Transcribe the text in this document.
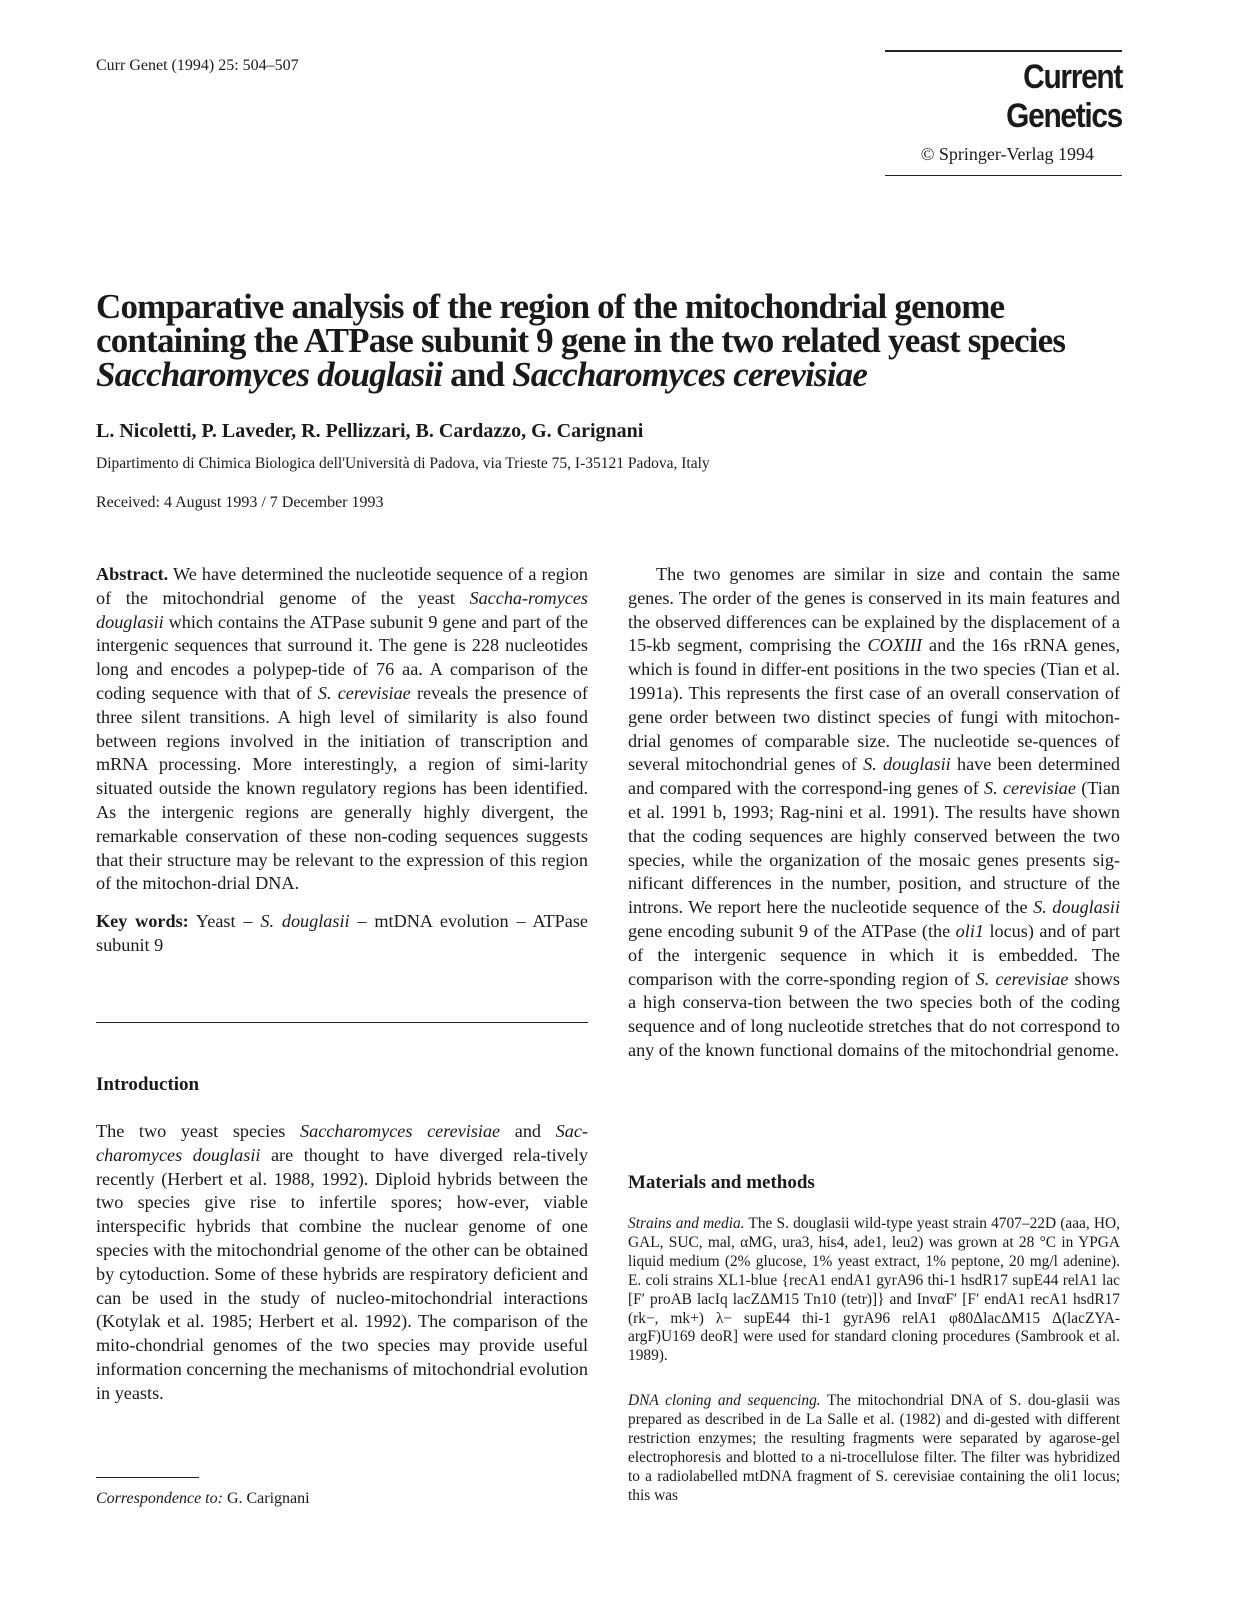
Curr Genet (1994) 25: 504–507	Current Genetics
© Springer-Verlag 1994
Comparative analysis of the region of the mitochondrial genome
containing the ATPase subunit 9 gene in the two related yeast species
Saccharomyces douglasii and Saccharomyces cerevisiae
L. Nicoletti, P. Laveder, R. Pellizzari, B. Cardazzo, G. Carignani
Dipartimento di Chimica Biologica dell'Università di Padova, via Trieste 75, I-35121 Padova, Italy
Received: 4 August 1993 / 7 December 1993

Abstract. We have determined the nucleotide sequence of a region of the mitochondrial genome of the yeast Saccha-romyces douglasii which contains the ATPase subunit 9 gene and part of the intergenic sequences that surround it. The gene is 228 nucleotides long and encodes a polypep-tide of 76 aa. A comparison of the coding sequence with that of S. cerevisiae reveals the presence of three silent transitions. A high level of similarity is also found between regions involved in the initiation of transcription and mRNA processing. More interestingly, a region of simi-larity situated outside the known regulatory regions has been identified. As the intergenic regions are generally highly divergent, the remarkable conservation of these non-coding sequences suggests that their structure may be relevant to the expression of this region of the mitochon-drial DNA.

Key words: Yeast – S. douglasii – mtDNA evolution – ATPase subunit 9

Introduction

The two yeast species Saccharomyces cerevisiae and Sac-charomyces douglasii are thought to have diverged rela-tively recently (Herbert et al. 1988, 1992). Diploid hybrids between the two species give rise to infertile spores; how-ever, viable interspecific hybrids that combine the nuclear genome of one species with the mitochondrial genome of the other can be obtained by cytoduction. Some of these hybrids are respiratory deficient and can be used in the study of nucleo-mitochondrial interactions (Kotylak et al. 1985; Herbert et al. 1992). The comparison of the mito-chondrial genomes of the two species may provide useful information concerning the mechanisms of mitochondrial evolution in yeasts.

Correspondence to: G. Carignani

The two genomes are similar in size and contain the same genes. The order of the genes is conserved in its main features and the observed differences can be explained by the displacement of a 15-kb segment, comprising the COXIII and the 16s rRNA genes, which is found in differ-ent positions in the two species (Tian et al. 1991a). This represents the first case of an overall conservation of gene order between two distinct species of fungi with mitochon-drial genomes of comparable size. The nucleotide se-quences of several mitochondrial genes of S. douglasii have been determined and compared with the correspond-ing genes of S. cerevisiae (Tian et al. 1991 b, 1993; Rag-nini et al. 1991). The results have shown that the coding sequences are highly conserved between the two species, while the organization of the mosaic genes presents sig-nificant differences in the number, position, and structure of the introns. We report here the nucleotide sequence of the S. douglasii gene encoding subunit 9 of the ATPase (the oli1 locus) and of part of the intergenic sequence in which it is embedded. The comparison with the corre-sponding region of S. cerevisiae shows a high conserva-tion between the two species both of the coding sequence and of long nucleotide stretches that do not correspond to any of the known functional domains of the mitochondrial genome.

Materials and methods
Strains and media. The S. douglasii wild-type yeast strain 4707–22D (aaa, HO, GAL, SUC, mal, αMG, ura3, his4, ade1, leu2) was grown at 28 °C in YPGA liquid medium (2% glucose, 1% yeast extract, 1% peptone, 20 mg/l adenine). E. coli strains XL1-blue {recA1 endA1 gyrA96 thi-1 hsdR17 supE44 relA1 lac [F′ proAB lacIq lacZΔM15 Tn10 (tetr)]} and InvαF′ [F′ endA1 recA1 hsdR17 (rk−, mk+) λ− supE44 thi-1 gyrA96 relA1 φ80ΔlacΔM15 Δ(lacZYA-argF)U169 deoR] were used for standard cloning procedures (Sambrook et al. 1989).
DNA cloning and sequencing. The mitochondrial DNA of S. dou-glasii was prepared as described in de La Salle et al. (1982) and di-gested with different restriction enzymes; the resulting fragments were separated by agarose-gel electrophoresis and blotted to a ni-trocellulose filter. The filter was hybridized to a radiolabelled mtDNA fragment of S. cerevisiae containing the oli1 locus; this was
